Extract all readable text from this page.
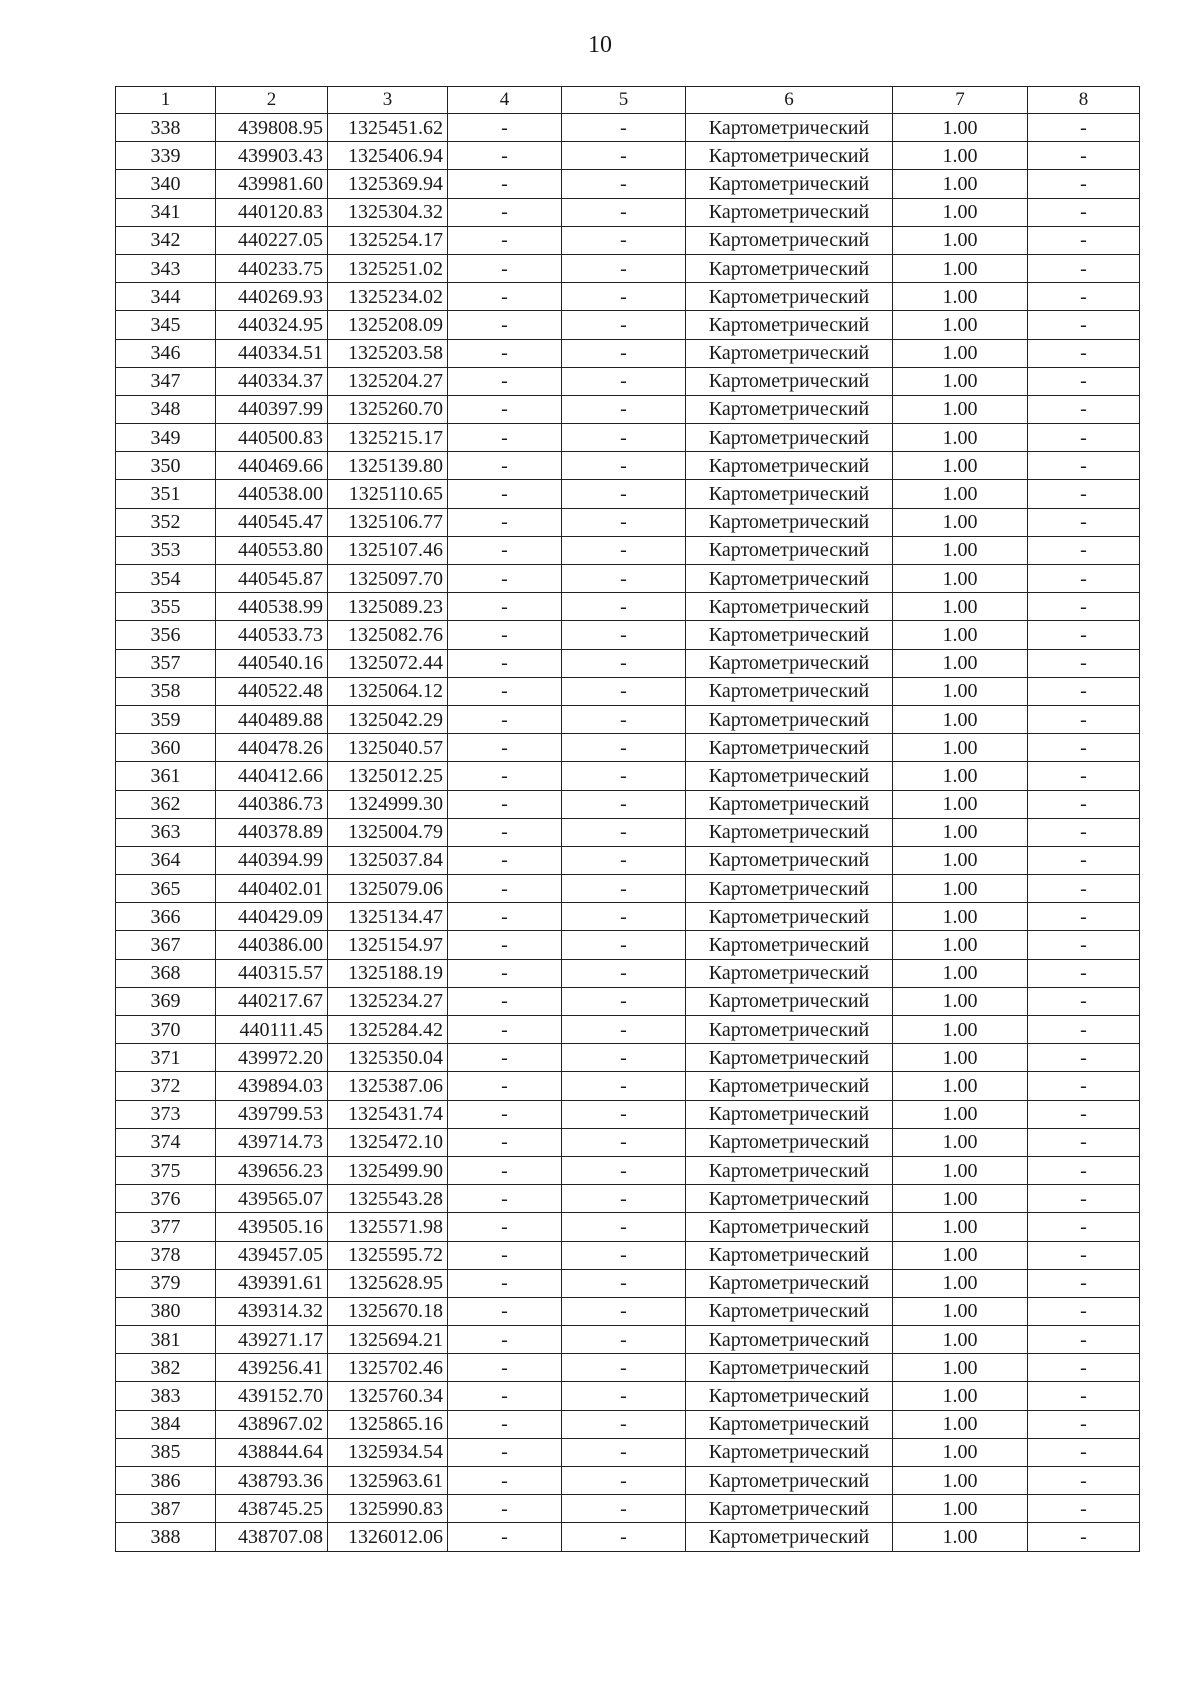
10
1	2	3	4	5	6	7	8
338	439808.95	1325451.62	-	-	Картометрический	1.00	-
339	439903.43	1325406.94	-	-	Картометрический	1.00	-
340	439981.60	1325369.94	-	-	Картометрический	1.00	-
341	440120.83	1325304.32	-	-	Картометрический	1.00	-
342	440227.05	1325254.17	-	-	Картометрический	1.00	-
343	440233.75	1325251.02	-	-	Картометрический	1.00	-
344	440269.93	1325234.02	-	-	Картометрический	1.00	-
345	440324.95	1325208.09	-	-	Картометрический	1.00	-
346	440334.51	1325203.58	-	-	Картометрический	1.00	-
347	440334.37	1325204.27	-	-	Картометрический	1.00	-
348	440397.99	1325260.70	-	-	Картометрический	1.00	-
349	440500.83	1325215.17	-	-	Картометрический	1.00	-
350	440469.66	1325139.80	-	-	Картометрический	1.00	-
351	440538.00	1325110.65	-	-	Картометрический	1.00	-
352	440545.47	1325106.77	-	-	Картометрический	1.00	-
353	440553.80	1325107.46	-	-	Картометрический	1.00	-
354	440545.87	1325097.70	-	-	Картометрический	1.00	-
355	440538.99	1325089.23	-	-	Картометрический	1.00	-
356	440533.73	1325082.76	-	-	Картометрический	1.00	-
357	440540.16	1325072.44	-	-	Картометрический	1.00	-
358	440522.48	1325064.12	-	-	Картометрический	1.00	-
359	440489.88	1325042.29	-	-	Картометрический	1.00	-
360	440478.26	1325040.57	-	-	Картометрический	1.00	-
361	440412.66	1325012.25	-	-	Картометрический	1.00	-
362	440386.73	1324999.30	-	-	Картометрический	1.00	-
363	440378.89	1325004.79	-	-	Картометрический	1.00	-
364	440394.99	1325037.84	-	-	Картометрический	1.00	-
365	440402.01	1325079.06	-	-	Картометрический	1.00	-
366	440429.09	1325134.47	-	-	Картометрический	1.00	-
367	440386.00	1325154.97	-	-	Картометрический	1.00	-
368	440315.57	1325188.19	-	-	Картометрический	1.00	-
369	440217.67	1325234.27	-	-	Картометрический	1.00	-
370	440111.45	1325284.42	-	-	Картометрический	1.00	-
371	439972.20	1325350.04	-	-	Картометрический	1.00	-
372	439894.03	1325387.06	-	-	Картометрический	1.00	-
373	439799.53	1325431.74	-	-	Картометрический	1.00	-
374	439714.73	1325472.10	-	-	Картометрический	1.00	-
375	439656.23	1325499.90	-	-	Картометрический	1.00	-
376	439565.07	1325543.28	-	-	Картометрический	1.00	-
377	439505.16	1325571.98	-	-	Картометрический	1.00	-
378	439457.05	1325595.72	-	-	Картометрический	1.00	-
379	439391.61	1325628.95	-	-	Картометрический	1.00	-
380	439314.32	1325670.18	-	-	Картометрический	1.00	-
381	439271.17	1325694.21	-	-	Картометрический	1.00	-
382	439256.41	1325702.46	-	-	Картометрический	1.00	-
383	439152.70	1325760.34	-	-	Картометрический	1.00	-
384	438967.02	1325865.16	-	-	Картометрический	1.00	-
385	438844.64	1325934.54	-	-	Картометрический	1.00	-
386	438793.36	1325963.61	-	-	Картометрический	1.00	-
387	438745.25	1325990.83	-	-	Картометрический	1.00	-
388	438707.08	1326012.06	-	-	Картометрический	1.00	-
